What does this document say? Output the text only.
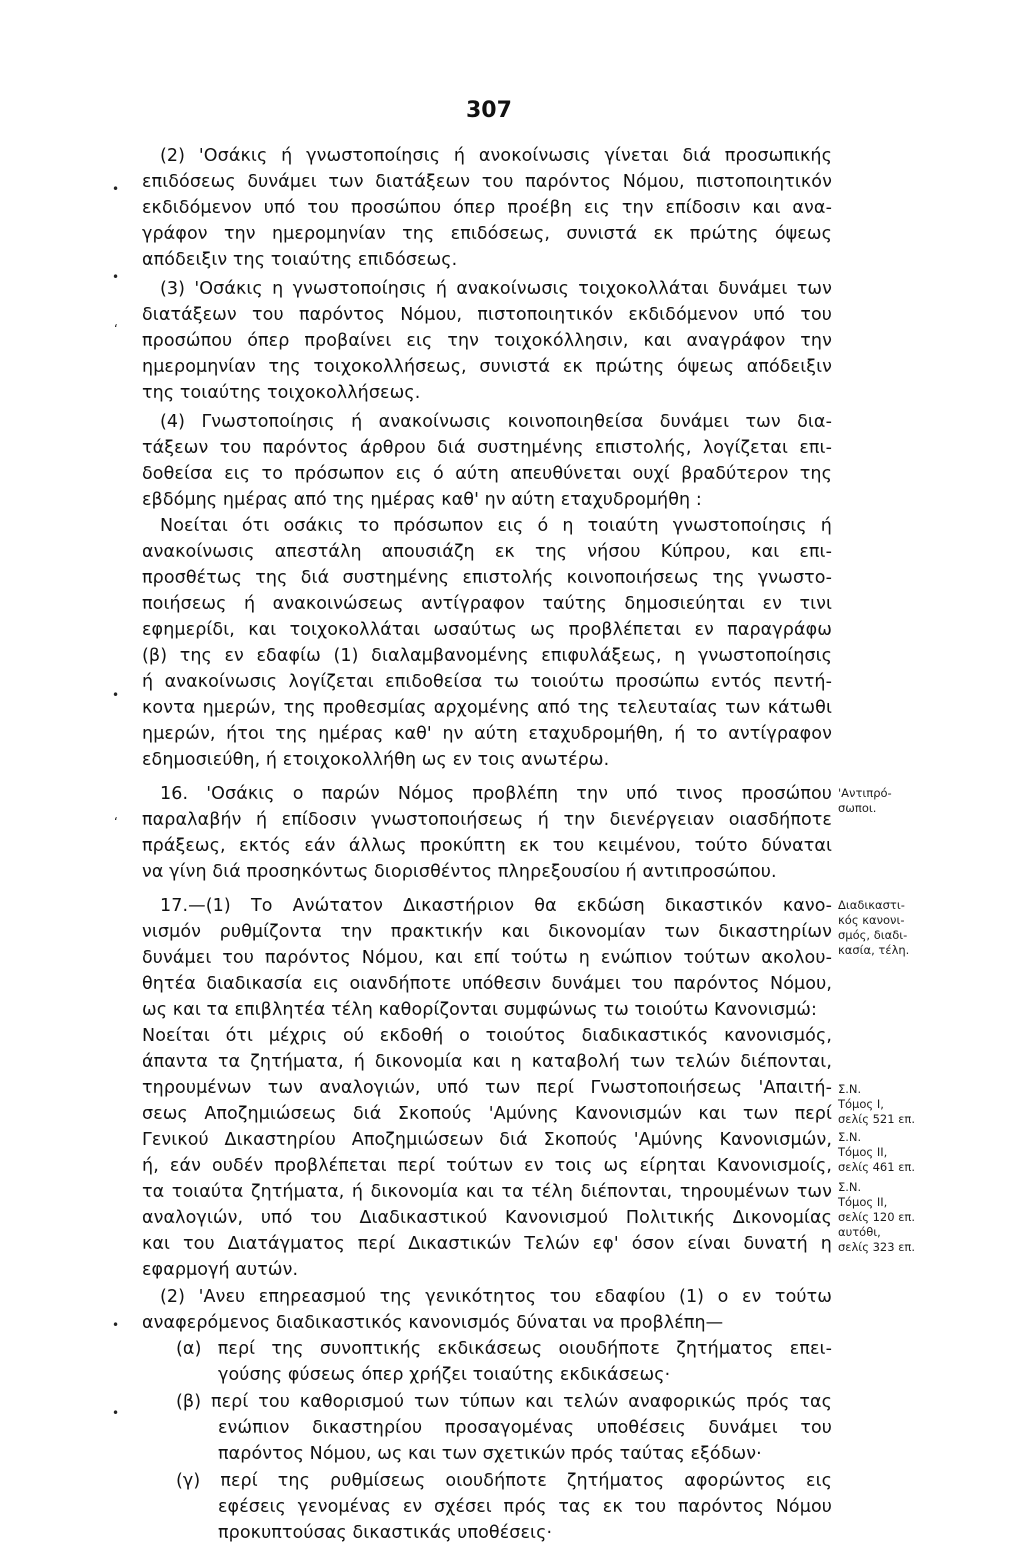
307
(2) 'Οσάκις ή γνωστοποίησις ή ανοκοίνωσις γίνεται διά προσωπικής
επιδόσεως δυνάμει των διατάξεων του παρόντος Νόμου, πιστοποιητικόν
εκδιδόμενον υπό του προσώπου όπερ προέβη εις την επίδοσιν και ανα-
γράφον την ημερομηνίαν της επιδόσεως, συνιστά εκ πρώτης όψεως
απόδειξιν της τοιαύτης επιδόσεως.
(3) 'Οσάκις η γνωστοποίησις ή ανακοίνωσις τοιχοκολλάται δυνάμει των
διατάξεων του παρόντος Νόμου, πιστοποιητικόν εκδιδόμενον υπό του
προσώπου όπερ προβαίνει εις την τοιχοκόλλησιν, και αναγράφον την
ημερομηνίαν της τοιχοκολλήσεως, συνιστά εκ πρώτης όψεως απόδειξιν
της τοιαύτης τοιχοκολλήσεως.
(4) Γνωστοποίησις ή ανακοίνωσις κοινοποιηθείσα δυνάμει των δια-
τάξεων του παρόντος άρθρου διά συστημένης επιστολής, λογίζεται επι-
δοθείσα εις το πρόσωπον εις ό αύτη απευθύνεται ουχί βραδύτερον της
εβδόμης ημέρας από της ημέρας καθ' ην αύτη εταχυδρομήθη :
Νοείται ότι οσάκις το πρόσωπον εις ό η τοιαύτη γνωστοποίησις ή
ανακοίνωσις απεστάλη απουσιάζη εκ της νήσου Κύπρου, και επι-
προσθέτως της διά συστημένης επιστολής κοινοποιήσεως της γνωστο-
ποιήσεως ή ανακοινώσεως αντίγραφον ταύτης δημοσιεύηται εν τινι
εφημερίδι, και τοιχοκολλάται ωσαύτως ως προβλέπεται εν παραγράφω
(β) της εν εδαφίω (1) διαλαμβανομένης επιφυλάξεως, η γνωστοποίησις
ή ανακοίνωσις λογίζεται επιδοθείσα τω τοιούτω προσώπω εντός πεντή-
κοντα ημερών, της προθεσμίας αρχομένης από της τελευταίας των κάτωθι
ημερών, ήτοι της ημέρας καθ' ην αύτη εταχυδρομήθη, ή το αντίγραφον
εδημοσιεύθη, ή ετοιχοκολλήθη ως εν τοις ανωτέρω.
16. 'Οσάκις ο παρών Νόμος προβλέπη την υπό τινος προσώπου
παραλαβήν ή επίδοσιν γνωστοποιήσεως ή την διενέργειαν οιασδήποτε
πράξεως, εκτός εάν άλλως προκύπτη εκ του κειμένου, τούτο δύναται
να γίνη διά προσηκόντως διορισθέντος πληρεξουσίου ή αντιπροσώπου.
17.—(1) Το Ανώτατον Δικαστήριον θα εκδώση δικαστικόν κανο-
νισμόν ρυθμίζοντα την πρακτικήν και δικονομίαν των δικαστηρίων
δυνάμει του παρόντος Νόμου, και επί τούτω η ενώπιον τούτων ακολου-
θητέα διαδικασία εις οιανδήποτε υπόθεσιν δυνάμει του παρόντος Νόμου,
ως και τα επιβλητέα τέλη καθορίζονται συμφώνως τω τοιούτω Κανονισμώ:
Νοείται ότι μέχρις ού εκδοθή ο τοιούτος διαδικαστικός κανονισμός,
άπαντα τα ζητήματα, ή δικονομία και η καταβολή των τελών διέπονται,
τηρουμένων των αναλογιών, υπό των περί Γνωστοποιήσεως 'Απαιτή-
σεως Αποζημιώσεως διά Σκοπούς 'Αμύνης Κανονισμών και των περί
Γενικού Δικαστηρίου Αποζημιώσεων διά Σκοπούς 'Αμύνης Κανονισμών,
ή, εάν ουδέν προβλέπεται περί τούτων εν τοις ως είρηται Κανονισμοίς,
τα τοιαύτα ζητήματα, ή δικονομία και τα τέλη διέπονται, τηρουμένων των
αναλογιών, υπό του Διαδικαστικού Κανονισμού Πολιτικής Δικονομίας
και του Διατάγματος περί Δικαστικών Τελών εφ' όσον είναι δυνατή η
εφαρμογή αυτών.
(2) 'Ανευ επηρεασμού της γενικότητος του εδαφίου (1) ο εν τούτω
αναφερόμενος διαδικαστικός κανονισμός δύναται να προβλέπη—
(α) περί της συνοπτικής εκδικάσεως οιουδήποτε ζητήματος επει-
γούσης φύσεως όπερ χρήζει τοιαύτης εκδικάσεως·
(β) περί του καθορισμού των τύπων και τελών αναφορικώς πρός τας
ενώπιον δικαστηρίου προσαγομένας υποθέσεις δυνάμει του
παρόντος Νόμου, ως και των σχετικών πρός ταύτας εξόδων·
(γ) περί της ρυθμίσεως οιουδήποτε ζητήματος αφορώντος εις
εφέσεις γενομένας εν σχέσει πρός τας εκ του παρόντος Νόμου
προκυπτούσας δικαστικάς υποθέσεις·
'Αντιπρό-
σωποι.
Διαδικαστι-
κός κανονι-
σμός, διαδι-
κασία, τέλη.
Σ.Ν.
Τόμος Ι,
σελίς 521 επ.
Σ.Ν.
Τόμος ΙΙ,
σελίς 461 επ.
Σ.Ν.
Τόμος ΙΙ,
σελίς 120 επ.
αυτόθι,
σελίς 323 επ.
•
•
ʻ
•
ʻ
•
•
